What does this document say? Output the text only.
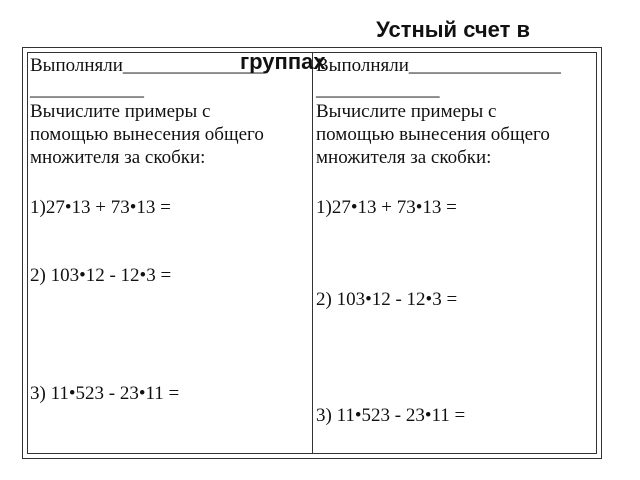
Устный счет в
группах
Выполняли_______________
____________
Вычислите примеры с
помощью вынесения общего
множителя за скобки:
1)27•13 + 73•13 =
2) 103•12 - 12•3 =
3) 11•523 - 23•11 =
Выполняли________________
_____________
Вычислите примеры с
помощью вынесения общего
множителя за скобки:
1)27•13 + 73•13 =
2) 103•12 - 12•3 =
3) 11•523 - 23•11 =
